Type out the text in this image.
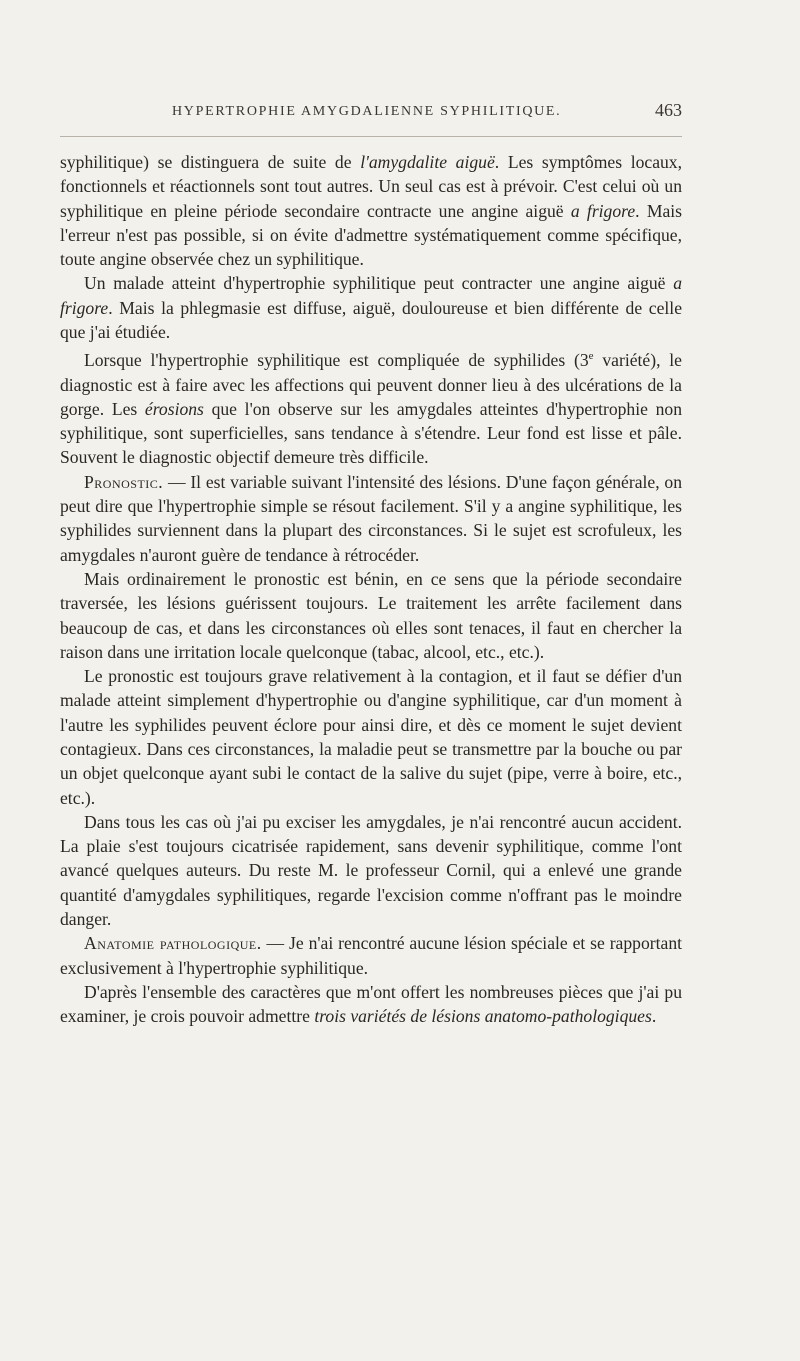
HYPERTROPHIE AMYGDALIENNE SYPHILITIQUE.	463

syphilitique) se distinguera de suite de l'amygdalite aiguë. Les symptômes locaux, fonctionnels et réactionnels sont tout autres. Un seul cas est à prévoir. C'est celui où un syphilitique en pleine période secondaire contracte une angine aiguë a frigore. Mais l'erreur n'est pas possible, si on évite d'admettre systématiquement comme spécifique, toute angine observée chez un syphilitique.

Un malade atteint d'hypertrophie syphilitique peut contracter une angine aiguë a frigore. Mais la phlegmasie est diffuse, aiguë, douloureuse et bien différente de celle que j'ai étudiée.

Lorsque l'hypertrophie syphilitique est compliquée de syphilides (3e variété), le diagnostic est à faire avec les affections qui peuvent donner lieu à des ulcérations de la gorge. Les érosions que l'on observe sur les amygdales atteintes d'hypertrophie non syphilitique, sont superficielles, sans tendance à s'étendre. Leur fond est lisse et pâle. Souvent le diagnostic objectif demeure très difficile.

Pronostic. — Il est variable suivant l'intensité des lésions. D'une façon générale, on peut dire que l'hypertrophie simple se résout facilement. S'il y a angine syphilitique, les syphilides surviennent dans la plupart des circonstances. Si le sujet est scrofuleux, les amygdales n'auront guère de tendance à rétrocéder.

Mais ordinairement le pronostic est bénin, en ce sens que la période secondaire traversée, les lésions guérissent toujours. Le traitement les arrête facilement dans beaucoup de cas, et dans les circonstances où elles sont tenaces, il faut en chercher la raison dans une irritation locale quelconque (tabac, alcool, etc., etc.).

Le pronostic est toujours grave relativement à la contagion, et il faut se défier d'un malade atteint simplement d'hypertrophie ou d'angine syphilitique, car d'un moment à l'autre les syphilides peuvent éclore pour ainsi dire, et dès ce moment le sujet devient contagieux. Dans ces circonstances, la maladie peut se transmettre par la bouche ou par un objet quelconque ayant subi le contact de la salive du sujet (pipe, verre à boire, etc., etc.).

Dans tous les cas où j'ai pu exciser les amygdales, je n'ai rencontré aucun accident. La plaie s'est toujours cicatrisée rapidement, sans devenir syphilitique, comme l'ont avancé quelques auteurs. Du reste M. le professeur Cornil, qui a enlevé une grande quantité d'amygdales syphilitiques, regarde l'excision comme n'offrant pas le moindre danger.

Anatomie pathologique. — Je n'ai rencontré aucune lésion spéciale et se rapportant exclusivement à l'hypertrophie syphilitique.

D'après l'ensemble des caractères que m'ont offert les nombreuses pièces que j'ai pu examiner, je crois pouvoir admettre trois variétés de lésions anatomo-pathologiques.
